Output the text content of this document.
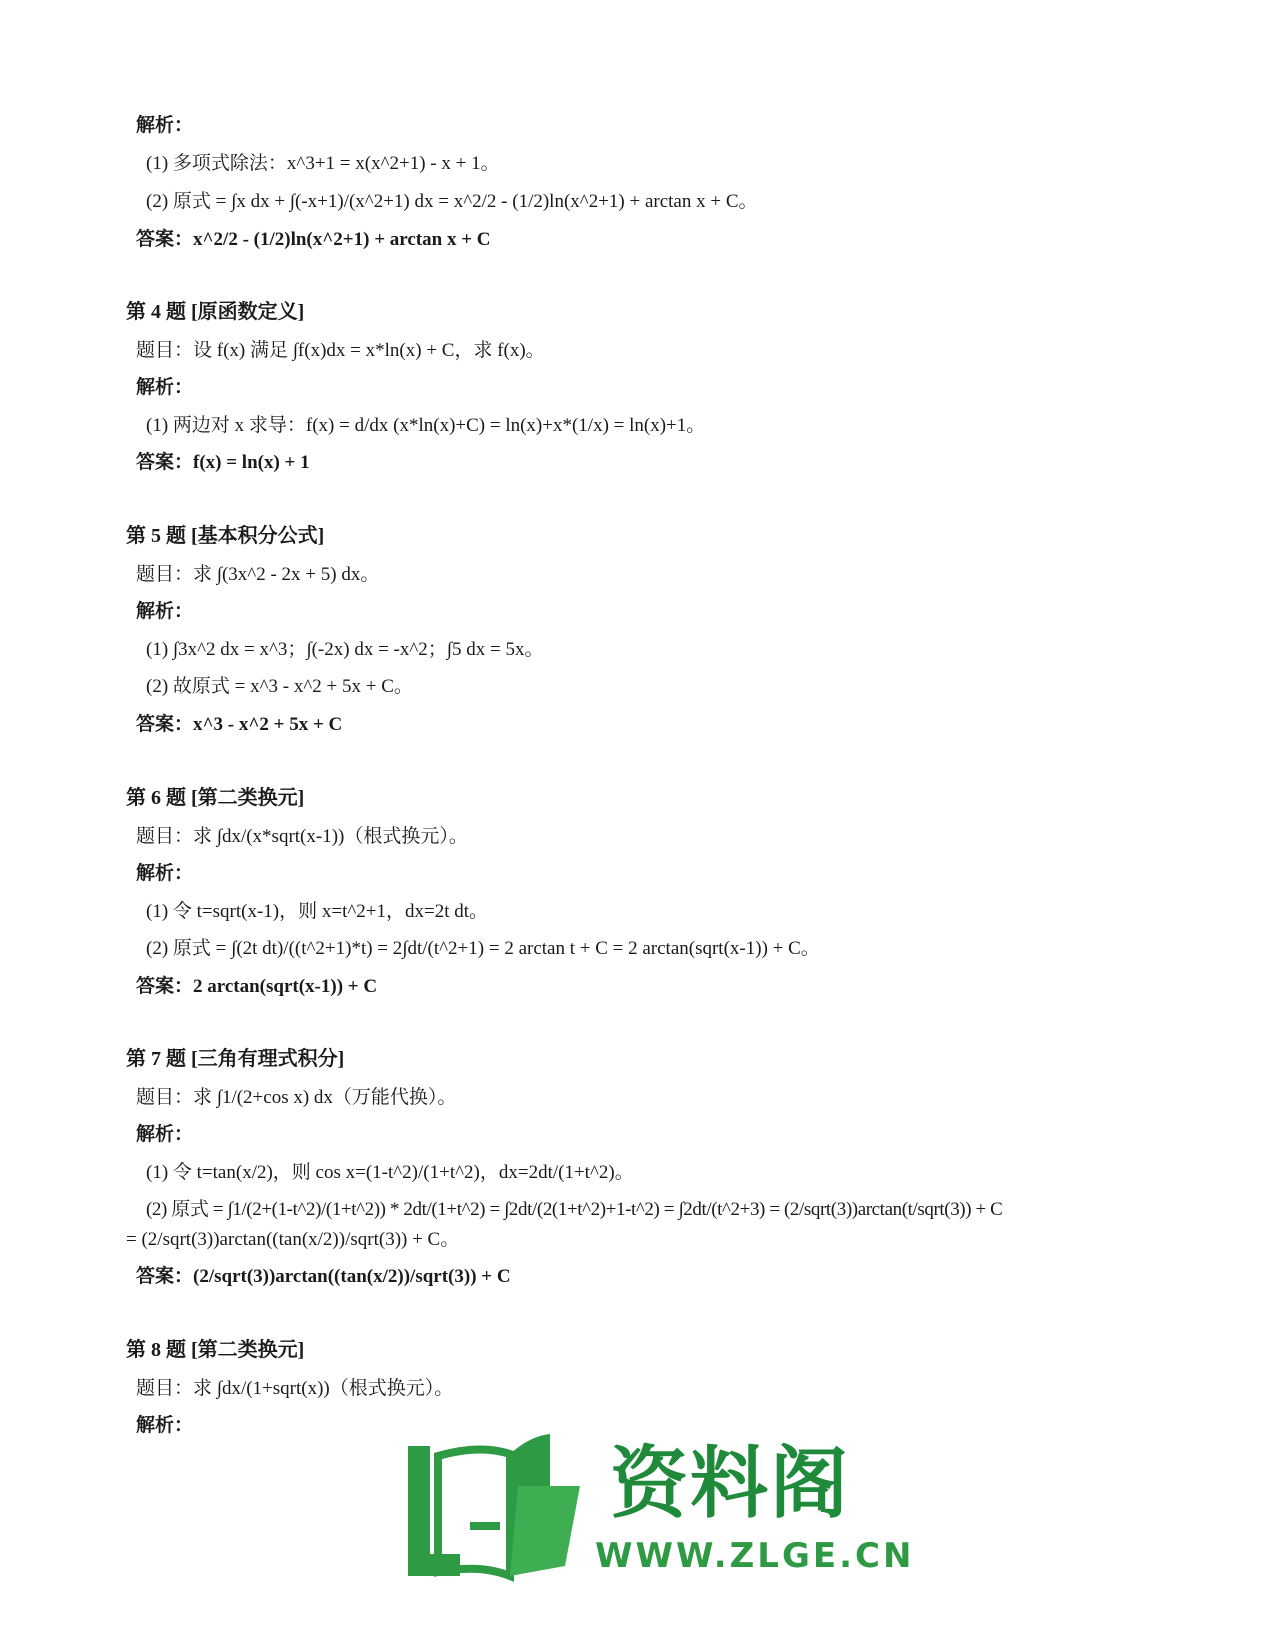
解析：
(1) 多项式除法：x^3+1 = x(x^2+1) - x + 1。
(2) 原式 = ∫x dx + ∫(-x+1)/(x^2+1) dx = x^2/2 - (1/2)ln(x^2+1) + arctan x + C。
答案：x^2/2 - (1/2)ln(x^2+1) + arctan x + C
第 4 题 [原函数定义]
题目：设 f(x) 满足 ∫f(x)dx = x*ln(x) + C，求 f(x)。
解析：
(1) 两边对 x 求导：f(x) = d/dx (x*ln(x)+C) = ln(x)+x*(1/x) = ln(x)+1。
答案：f(x) = ln(x) + 1
第 5 题 [基本积分公式]
题目：求 ∫(3x^2 - 2x + 5) dx。
解析：
(1) ∫3x^2 dx = x^3；∫(-2x) dx = -x^2；∫5 dx = 5x。
(2) 故原式 = x^3 - x^2 + 5x + C。
答案：x^3 - x^2 + 5x + C
第 6 题 [第二类换元]
题目：求 ∫dx/(x*sqrt(x-1))（根式换元）。
解析：
(1) 令 t=sqrt(x-1)，则 x=t^2+1，dx=2t dt。
(2) 原式 = ∫(2t dt)/((t^2+1)*t) = 2∫dt/(t^2+1) = 2 arctan t + C = 2 arctan(sqrt(x-1)) + C。
答案：2 arctan(sqrt(x-1)) + C
第 7 题 [三角有理式积分]
题目：求 ∫1/(2+cos x) dx（万能代换）。
解析：
(1) 令 t=tan(x/2)，则 cos x=(1-t^2)/(1+t^2)，dx=2dt/(1+t^2)。
(2) 原式 = ∫1/(2+(1-t^2)/(1+t^2)) * 2dt/(1+t^2) = ∫2dt/(2(1+t^2)+1-t^2) = ∫2dt/(t^2+3) = (2/sqrt(3))arctan(t/sqrt(3)) + C
= (2/sqrt(3))arctan((tan(x/2))/sqrt(3)) + C。
答案：(2/sqrt(3))arctan((tan(x/2))/sqrt(3)) + C
第 8 题 [第二类换元]
题目：求 ∫dx/(1+sqrt(x))（根式换元）。
解析：
资料阁
WWW.ZLGE.CN
